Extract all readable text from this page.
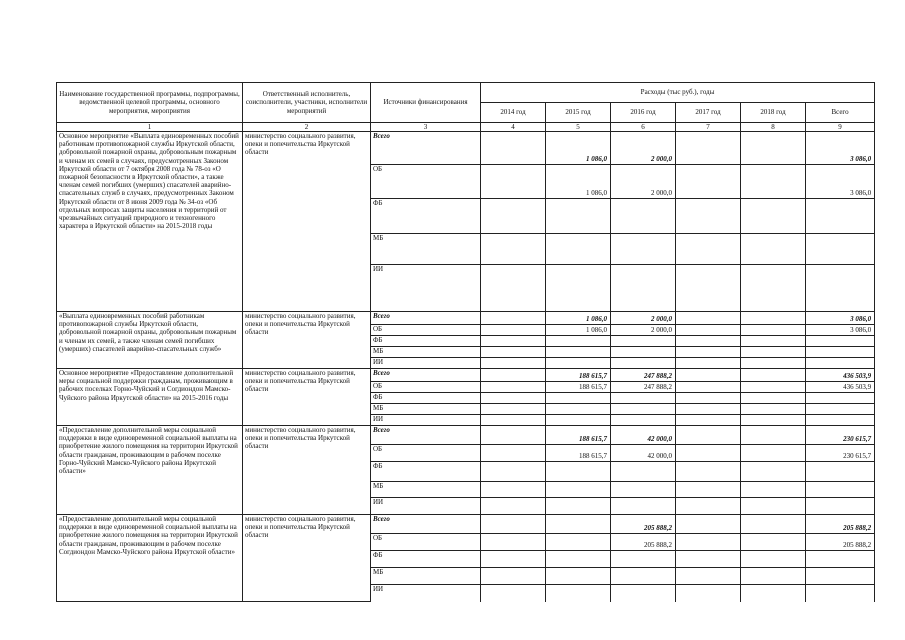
Наименование государственной программы, подпрограммы, ведомственной целевой программы, основного мероприятия, мероприятия	Ответственный исполнитель, соисполнители, участники, исполнители мероприятий	Источники финансирования	Расходы (тыс руб.), годы					
			2014 год	2015 год	2016 год	2017 год	2018 год	Всего
1	2	3	4	5	6	7	8	9
Основное мероприятие «Выплата единовременных пособий работникам противопожарной службы Иркутской области, добровольной пожарной охраны, добровольным пожарным и членам их семей в случаях, предусмотренных Законом Иркутской области от 7 октября 2008 года № 78-оз «О пожарной безопасности в Иркутской области», а также членам семей погибших (умерших) спасателей аварийно-спасательных служб в случаях, предусмотренных Законом Иркутской области от 8 июня 2009 года № 34-оз «Об отдельных вопросах защиты населения и территорий от чрезвычайных ситуаций природного и техногенного характера в Иркутской области» на 2015-2018 годы	министерство социального развития, опеки и попечительства Иркутской области	Всего		1 086,0	2 000,0			3 086,0
		ОБ		1 086,0	2 000,0			3 086,0
		ФБ						
		МБ						
		ИИ						
«Выплата единовременных пособий работникам противопожарной службы Иркутской области, добровольной пожарной охраны, добровольным пожарным и членам их семей, а также членам семей погибших (умерших) спасателей аварийно-спасательных служб»	министерство социального развития, опеки и попечительства Иркутской области	Всего		1 086,0	2 000,0			3 086,0
		ОБ		1 086,0	2 000,0			3 086,0
		ФБ						
		МБ						
		ИИ						
Основное мероприятие «Предоставление дополнительной меры социальной поддержки гражданам, проживающим в рабочих поселках Горно-Чуйский и Согдиондон Мамско-Чуйского района Иркутской области» на 2015-2016 годы	министерство социального развития, опеки и попечительства Иркутской области	Всего		188 615,7	247 888,2			436 503,9
		ОБ		188 615,7	247 888,2			436 503,9
		ФБ						
		МБ						
		ИИ						
«Предоставление дополнительной меры социальной поддержки в виде единовременной социальной выплаты на приобретение жилого помещения на территории Иркутской области гражданам, проживающим в рабочем поселке Горно-Чуйский Мамско-Чуйского района Иркутской области»	министерство социального развития, опеки и попечительства Иркутской области	Всего		188 615,7	42 000,0			230 615,7
		ОБ		188 615,7	42 000,0			230 615,7
		ФБ						
		МБ						
		ИИ						
«Предоставление дополнительной меры социальной поддержки в виде единовременной социальной выплаты на приобретение жилого помещения на территории Иркутской области гражданам, проживающим в рабочем поселке Согдиондон Мамско-Чуйского района Иркутской области»	министерство социального развития, опеки и попечительства Иркутской области	Всего			205 888,2			205 888,2
		ОБ			205 888,2			205 888,2
		ФБ						
		МБ						
		ИИ						
